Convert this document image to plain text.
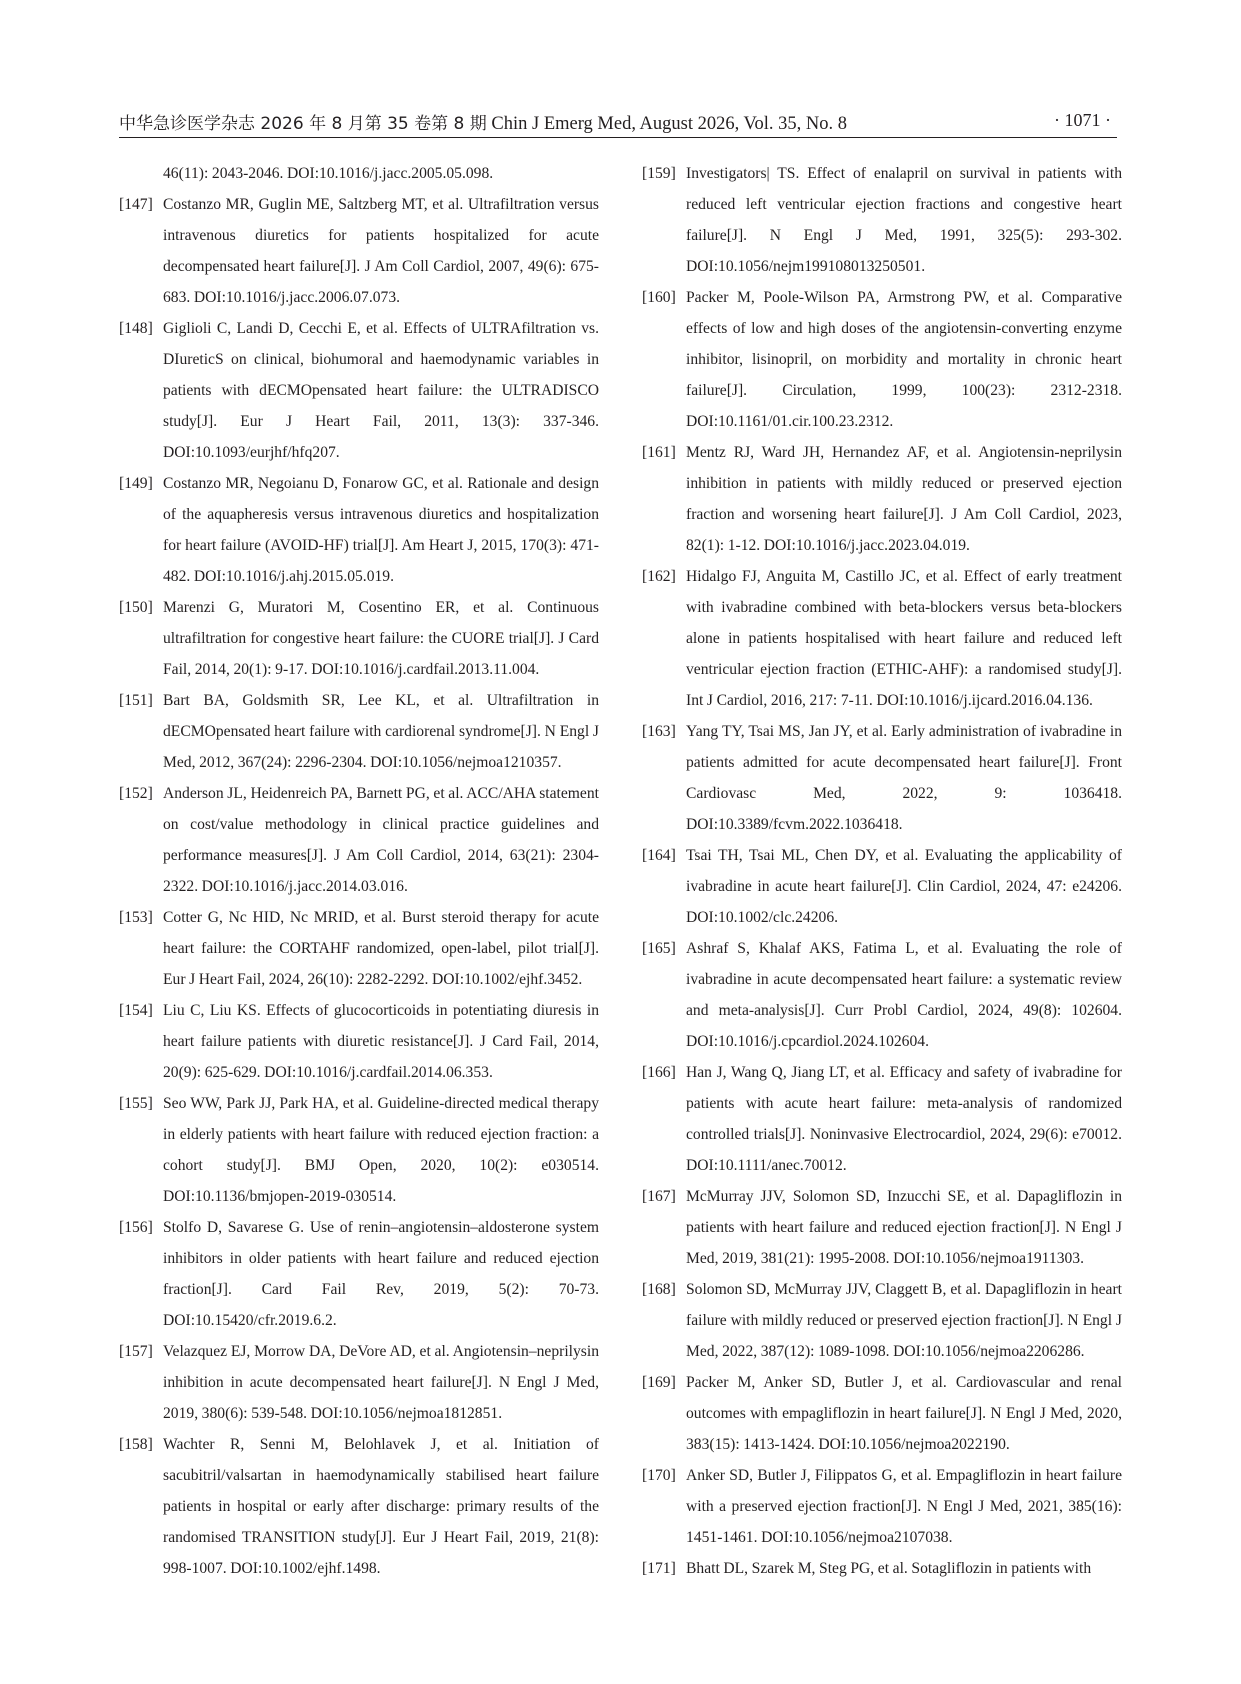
中华急诊医学杂志 2026 年 8 月第 35 卷第 8 期 Chin J Emerg Med, August 2026, Vol. 35, No. 8	· 1071 ·
46(11): 2043-2046. DOI:10.1016/j.jacc.2005.05.098.
[147] Costanzo MR, Guglin ME, Saltzberg MT, et al. Ultrafiltration versus intravenous diuretics for patients hospitalized for acute decompensated heart failure[J]. J Am Coll Cardiol, 2007, 49(6): 675-683. DOI:10.1016/j.jacc.2006.07.073.
[148] Giglioli C, Landi D, Cecchi E, et al. Effects of ULTRAfiltration vs. DIureticS on clinical, biohumoral and haemodynamic variables in patients with dECMOpensated heart failure: the ULTRADISCO study[J]. Eur J Heart Fail, 2011, 13(3): 337-346. DOI:10.1093/eurjhf/hfq207.
[149] Costanzo MR, Negoianu D, Fonarow GC, et al. Rationale and design of the aquapheresis versus intravenous diuretics and hospitalization for heart failure (AVOID-HF) trial[J]. Am Heart J, 2015, 170(3): 471-482. DOI:10.1016/j.ahj.2015.05.019.
[150] Marenzi G, Muratori M, Cosentino ER, et al. Continuous ultrafiltration for congestive heart failure: the CUORE trial[J]. J Card Fail, 2014, 20(1): 9-17. DOI:10.1016/j.cardfail.2013.11.004.
[151] Bart BA, Goldsmith SR, Lee KL, et al. Ultrafiltration in dECMOpensated heart failure with cardiorenal syndrome[J]. N Engl J Med, 2012, 367(24): 2296-2304. DOI:10.1056/nejmoa1210357.
[152] Anderson JL, Heidenreich PA, Barnett PG, et al. ACC/AHA statement on cost/value methodology in clinical practice guidelines and performance measures[J]. J Am Coll Cardiol, 2014, 63(21): 2304-2322. DOI:10.1016/j.jacc.2014.03.016.
[153] Cotter G, Nc HID, Nc MRID, et al. Burst steroid therapy for acute heart failure: the CORTAHF randomized, open-label, pilot trial[J]. Eur J Heart Fail, 2024, 26(10): 2282-2292. DOI:10.1002/ejhf.3452.
[154] Liu C, Liu KS. Effects of glucocorticoids in potentiating diuresis in heart failure patients with diuretic resistance[J]. J Card Fail, 2014, 20(9): 625-629. DOI:10.1016/j.cardfail.2014.06.353.
[155] Seo WW, Park JJ, Park HA, et al. Guideline-directed medical therapy in elderly patients with heart failure with reduced ejection fraction: a cohort study[J]. BMJ Open, 2020, 10(2): e030514. DOI:10.1136/bmjopen-2019-030514.
[156] Stolfo D, Savarese G. Use of renin–angiotensin–aldosterone system inhibitors in older patients with heart failure and reduced ejection fraction[J]. Card Fail Rev, 2019, 5(2): 70-73. DOI:10.15420/cfr.2019.6.2.
[157] Velazquez EJ, Morrow DA, DeVore AD, et al. Angiotensin–neprilysin inhibition in acute decompensated heart failure[J]. N Engl J Med, 2019, 380(6): 539-548. DOI:10.1056/nejmoa1812851.
[158] Wachter R, Senni M, Belohlavek J, et al. Initiation of sacubitril/valsartan in haemodynamically stabilised heart failure patients in hospital or early after discharge: primary results of the randomised TRANSITION study[J]. Eur J Heart Fail, 2019, 21(8): 998-1007. DOI:10.1002/ejhf.1498.
[159] Investigators| TS. Effect of enalapril on survival in patients with reduced left ventricular ejection fractions and congestive heart failure[J]. N Engl J Med, 1991, 325(5): 293-302. DOI:10.1056/nejm199108013250501.
[160] Packer M, Poole-Wilson PA, Armstrong PW, et al. Comparative effects of low and high doses of the angiotensin-converting enzyme inhibitor, lisinopril, on morbidity and mortality in chronic heart failure[J]. Circulation, 1999, 100(23): 2312-2318. DOI:10.1161/01.cir.100.23.2312.
[161] Mentz RJ, Ward JH, Hernandez AF, et al. Angiotensin-neprilysin inhibition in patients with mildly reduced or preserved ejection fraction and worsening heart failure[J]. J Am Coll Cardiol, 2023, 82(1): 1-12. DOI:10.1016/j.jacc.2023.04.019.
[162] Hidalgo FJ, Anguita M, Castillo JC, et al. Effect of early treatment with ivabradine combined with beta-blockers versus beta-blockers alone in patients hospitalised with heart failure and reduced left ventricular ejection fraction (ETHIC-AHF): a randomised study[J]. Int J Cardiol, 2016, 217: 7-11. DOI:10.1016/j.ijcard.2016.04.136.
[163] Yang TY, Tsai MS, Jan JY, et al. Early administration of ivabradine in patients admitted for acute decompensated heart failure[J]. Front Cardiovasc Med, 2022, 9: 1036418. DOI:10.3389/fcvm.2022.1036418.
[164] Tsai TH, Tsai ML, Chen DY, et al. Evaluating the applicability of ivabradine in acute heart failure[J]. Clin Cardiol, 2024, 47: e24206. DOI:10.1002/clc.24206.
[165] Ashraf S, Khalaf AKS, Fatima L, et al. Evaluating the role of ivabradine in acute decompensated heart failure: a systematic review and meta-analysis[J]. Curr Probl Cardiol, 2024, 49(8): 102604. DOI:10.1016/j.cpcardiol.2024.102604.
[166] Han J, Wang Q, Jiang LT, et al. Efficacy and safety of ivabradine for patients with acute heart failure: meta-analysis of randomized controlled trials[J]. Noninvasive Electrocardiol, 2024, 29(6): e70012. DOI:10.1111/anec.70012.
[167] McMurray JJV, Solomon SD, Inzucchi SE, et al. Dapagliflozin in patients with heart failure and reduced ejection fraction[J]. N Engl J Med, 2019, 381(21): 1995-2008. DOI:10.1056/nejmoa1911303.
[168] Solomon SD, McMurray JJV, Claggett B, et al. Dapagliflozin in heart failure with mildly reduced or preserved ejection fraction[J]. N Engl J Med, 2022, 387(12): 1089-1098. DOI:10.1056/nejmoa2206286.
[169] Packer M, Anker SD, Butler J, et al. Cardiovascular and renal outcomes with empagliflozin in heart failure[J]. N Engl J Med, 2020, 383(15): 1413-1424. DOI:10.1056/nejmoa2022190.
[170] Anker SD, Butler J, Filippatos G, et al. Empagliflozin in heart failure with a preserved ejection fraction[J]. N Engl J Med, 2021, 385(16): 1451-1461. DOI:10.1056/nejmoa2107038.
[171] Bhatt DL, Szarek M, Steg PG, et al. Sotagliflozin in patients with
